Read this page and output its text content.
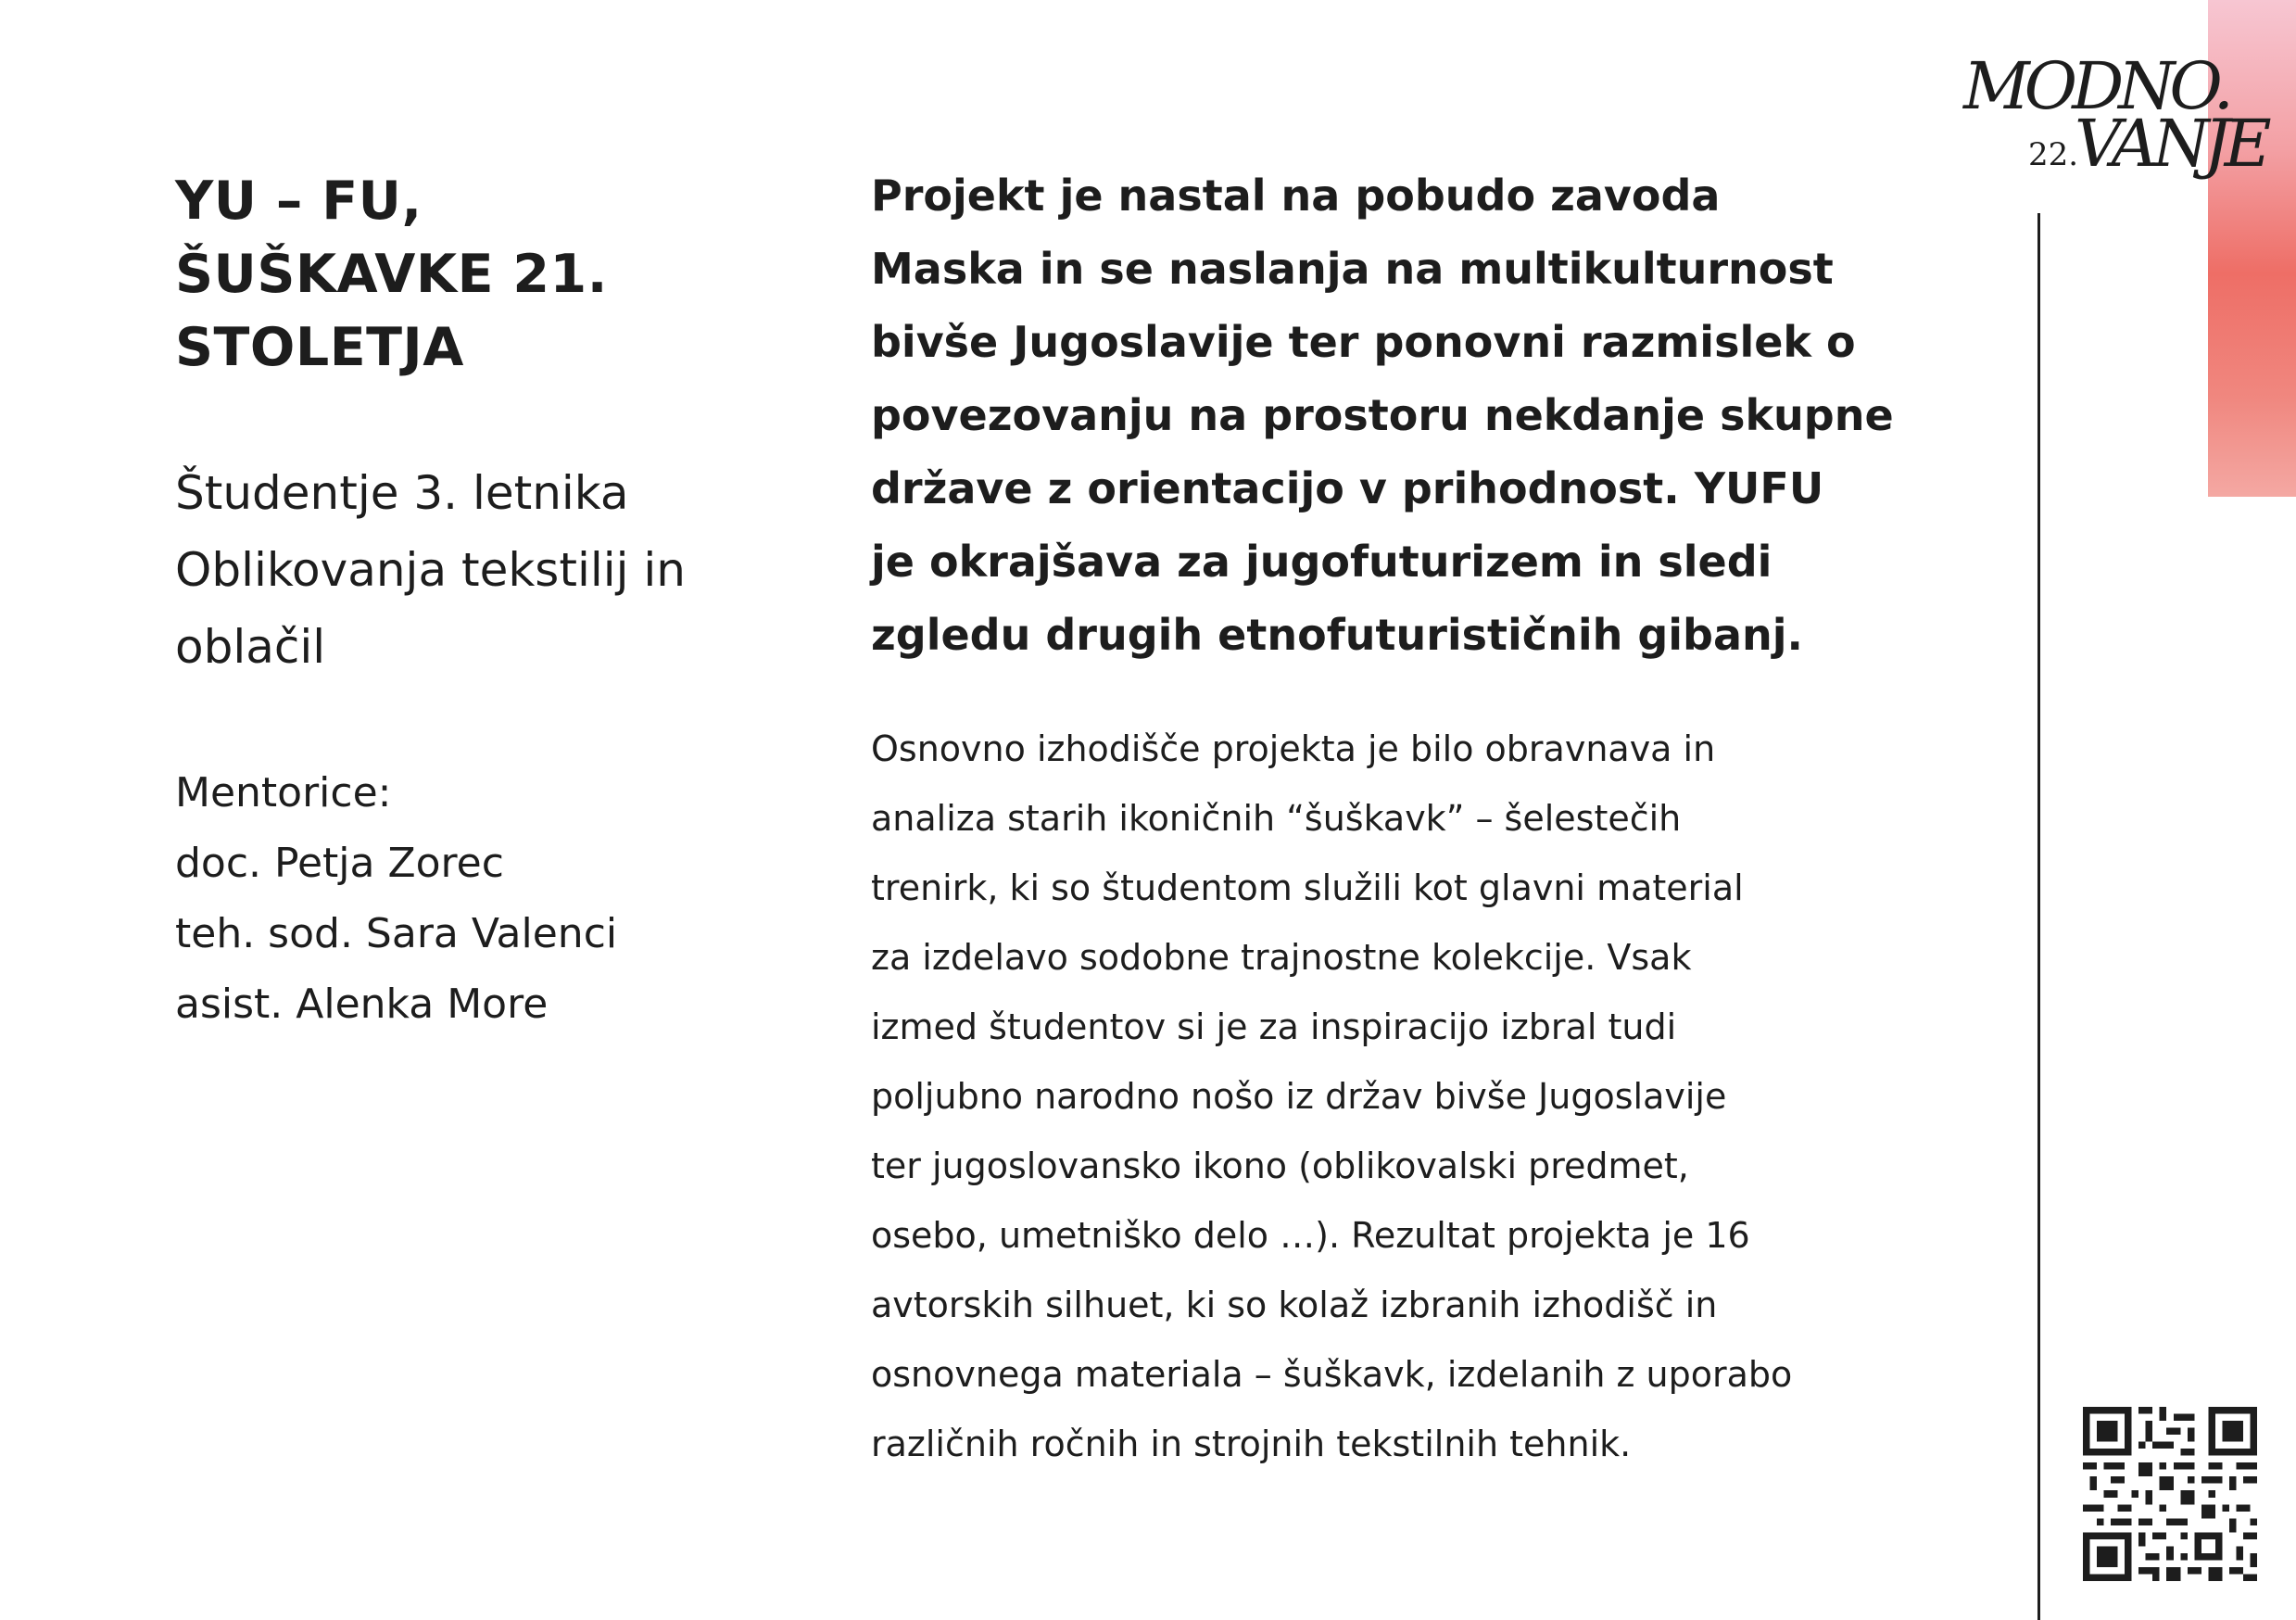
MODNO.
22.
VANJE
YU – FU,
ŠUŠKAVKE 21.
STOLETJA
Študentje 3. letnika
Oblikovanja tekstilij in
oblačil
Mentorice:
doc. Petja Zorec
teh. sod. Sara Valenci
asist. Alenka More

Projekt je nastal na pobudo zavoda
Maska in se naslanja na multikulturnost
bivše Jugoslavije ter ponovni razmislek o
povezovanju na prostoru nekdanje skupne
države z orientacijo v prihodnost. YUFU
je okrajšava za jugofuturizem in sledi
zgledu drugih etnofuturističnih gibanj.

Osnovno izhodišče projekta je bilo obravnava in
analiza starih ikoničnih “šuškavk” – šelestečih
trenirk, ki so študentom služili kot glavni material
za izdelavo sodobne trajnostne kolekcije. Vsak
izmed študentov si je za inspiracijo izbral tudi
poljubno narodno nošo iz držav bivše Jugoslavije
ter jugoslovansko ikono (oblikovalski predmet,
osebo, umetniško delo …). Rezultat projekta je 16
avtorskih silhuet, ki so kolaž izbranih izhodišč in
osnovnega materiala – šuškavk, izdelanih z uporabo
različnih ročnih in strojnih tekstilnih tehnik.
